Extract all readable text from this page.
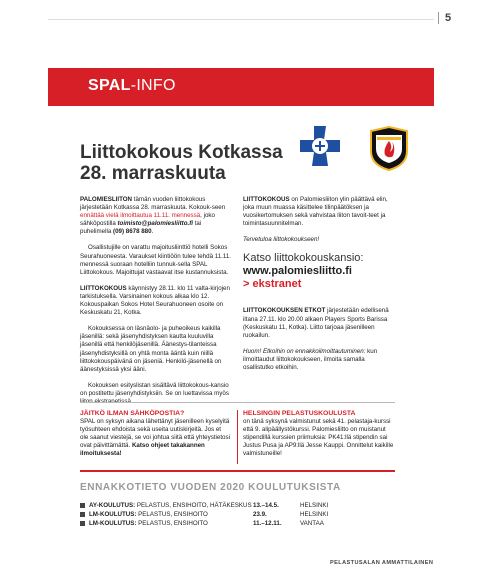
5
SPAL-INFO
Liittokokous Kotkassa
28. marraskuuta

PALOMIESLIITON tämän vuoden liittokokous järjestetään Kotkassa 28. marraskuuta. Kokouk-seen ennättää vielä ilmoittautua 11.11. mennessä, joko sähköpostilla toimisto@palomiesliitto.fi tai puhelimella (09) 8678 880.

Osallistujille on varattu majoitusliinttiö hotelli Sokos Seurahuoneesta. Varaukset kiintiöön tulee tehdä 11.11. mennessä suoraan hotelliin tunnuk-sella SPAL Liittokokous. Majoittujat vastaavat itse kustannuksista.

LIITTOKOKOUS käynnistyy 28.11. klo 11 valta-kirjojen tarkistuksella. Varsinainen kokous alkaa klo 12. Kokouspaikan Sokos Hotel Seurahuoneen osoite on Keskuskatu 21, Kotka.

Kokouksessa on läsnäolo- ja puheoikeus kaikilla jäsenillä: sekä jäsenyhdistyksen kautta kuuluvilla jäsenillä että henkilöjäsenillä. Äänestys-tilanteissa jäsenyhdistyksillä on yhtä monta ääntä kuin niillä liittokokouspäivänä on jäseniä. Henkilö-jäsenellä on äänestyksissä yksi ääni.

Kokouksen esityslistan sisältävä liittokokous-kansio on postitettu jäsenyhdistyksiin. Se on luettavissa myös

LIITTOKOKOUS on Palomiesliiton ylin päättävä elin, joka muun muassa käsittelee tilinpäätöksen ja vuosikertomuksen sekä vahvistaa liiton tavoit-teet ja toimintasuunnitelman.

Tervetuloa liittokokoukseen!

Katso liittokokouskansio:
www.palomiesliitto.fi
> ekstranet

LIITTOKOKOUKSEN ETKOT järjestetään edellisenä iltana 27.11. klo 20.00 alkaen Players Sports Barissa (Keskuskatu 11, Kotka). Liitto tarjoaa jäsenilleen ruokailun.

Huom! Etkoihin on ennakkoilmoittautuminen: kun ilmoittaudut liittokokoukseen, ilmoita samalla osallistutko etkoihin.

JÄITKÖ ILMAN SÄHKÖPOSTIA?
SPAL on syksyn aikana lähettänyt jäsenilleen kyselyitä työsuhteen ehdoista sekä useita uutiskirjeitä. Jos et ole saanut viestejä, se voi johtua siitä että yhteystietosi ovat päivittämättä. Katso ohjeet takakannen ilmoituksesta!
HELSINGIN PELASTUSKOULUSTA
on tänä syksynä valmistunut sekä 41. pelastaja-kurssi että 9. alipäällystökurssi. Palomiesliitto on muistanut stipendillä kurssien priimuksia: PK41:llä stipendin sai Justus Pusa ja AP9:llä Jesse Kauppi. Onnittelut kaikille valmistuneille!
ENNAKKOTIETO VUODEN 2020 KOULUTUKSISTA
AY-KOULUTUS: PELASTUS, ENSIHOITO, HÄTÄKESKUS 13.–14.5.	HELSINKI
LM-KOULUTUS: PELASTUS, ENSIHOITO	23.9.	HELSINKI
LM-KOULUTUS: PELASTUS, ENSIHOITO	11.–12.11.	VANTAA
PELASTUSALAN AMMATTILAINEN
